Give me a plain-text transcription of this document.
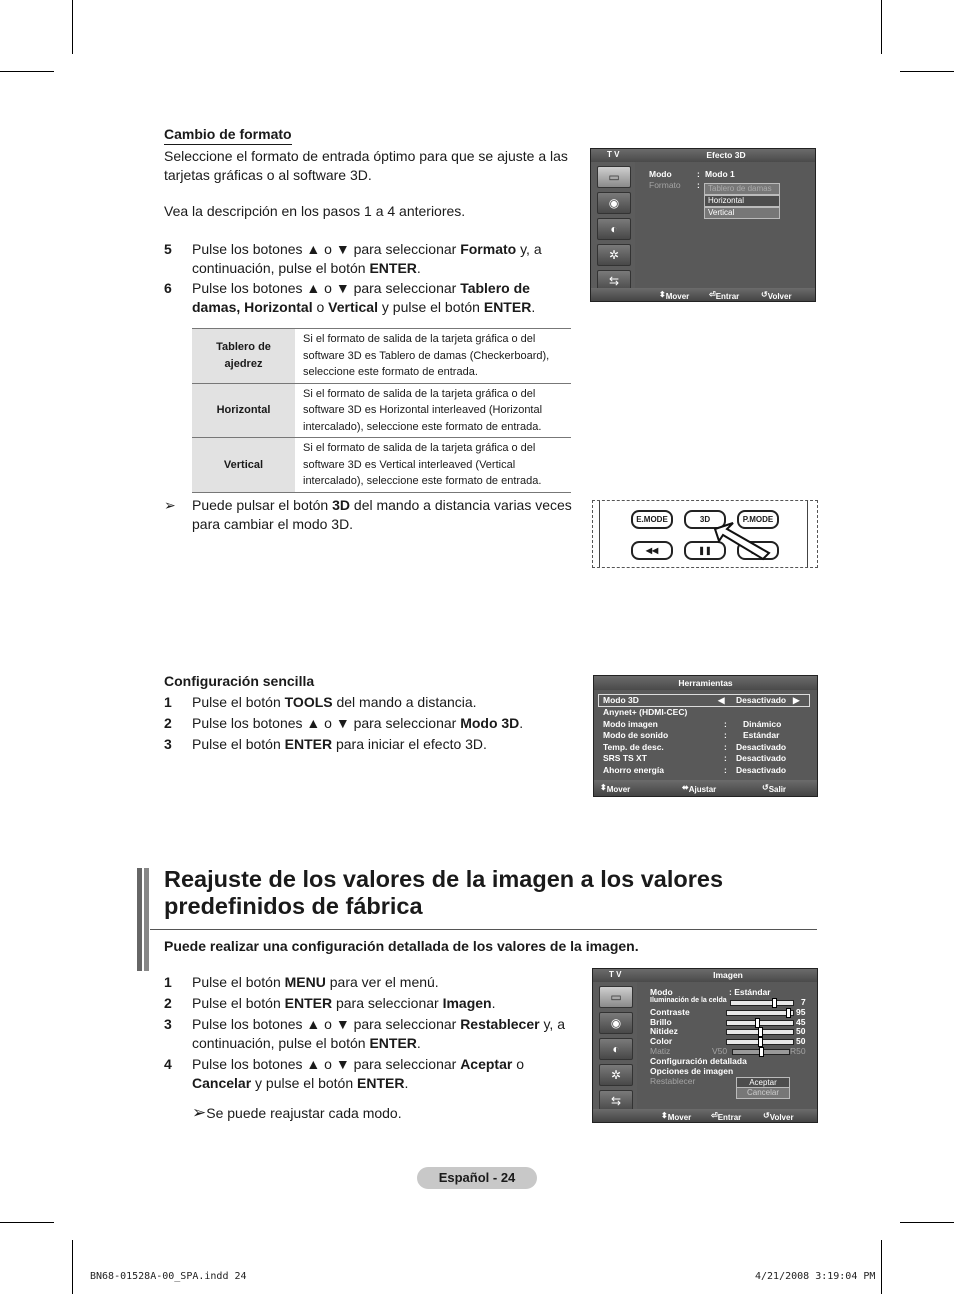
Cambio de formato
Seleccione el formato de entrada óptimo para que se ajuste a las tarjetas gráficas o al software 3D.
Vea la descripción en los pasos 1 a 4 anteriores.
5 Pulse los botones ▲ o ▼ para seleccionar Formato y, a continuación, pulse el botón ENTER.
6 Pulse los botones ▲ o ▼ para seleccionar Tablero de damas, Horizontal o Vertical y pulse el botón ENTER.
Tablero de ajedrez	Si el formato de salida de la tarjeta gráfica o del software 3D es Tablero de damas (Checkerboard), seleccione este formato de entrada.
Horizontal	Si el formato de salida de la tarjeta gráfica o del software 3D es Horizontal interleaved (Horizontal intercalado), seleccione este formato de entrada.
Vertical	Si el formato de salida de la tarjeta gráfica o del software 3D es Vertical interleaved (Vertical intercalado), seleccione este formato de entrada.
➢ Puede pulsar el botón 3D del mando a distancia varias veces para cambiar el modo 3D.
T V	Efecto 3D
▭
◉
◐
✲
⇆
Modo	: Modo 1
Formato :	Tablero de damas
Horizontal
Vertical
⬍ Mover ⏎ Entrar	↺ Volver
E.MODE	3D	P.MODE
◀◀	❚❚
Configuración sencilla
1 Pulse el botón TOOLS del mando a distancia.
2 Pulse los botones ▲ o ▼ para seleccionar Modo 3D.
3 Pulse el botón ENTER para iniciar el efecto 3D.
Herramientas
Modo 3D	◀ Desactivado ▶
Anynet+ (HDMI-CEC)
Modo imagen	: Dinámico
Modo de sonido	: Estándar
Temp. de desc.	: Desactivado
SRS TS XT	: Desactivado
Ahorro energía	: Desactivado
⬍ Mover	⬌ Ajustar	↺ Salir
Reajuste de los valores de la imagen a los valores
predefinidos de fábrica
Puede realizar una configuración detallada de los valores de la imagen.
1 Pulse el botón MENU para ver el menú.
2 Pulse el botón ENTER para seleccionar Imagen.
3 Pulse los botones ▲ o ▼ para seleccionar Restablecer y, a continuación, pulse el botón ENTER.
4 Pulse los botones ▲ o ▼ para seleccionar Aceptar o Cancelar y pulse el botón ENTER.
➢Se puede reajustar cada modo.
T V	Imagen
▭
◉
◐
✲
⇆
Modo	: Estándar
Iluminación de la celda	7
Contraste	95
Brillo	45
Nitidez	50
Color	50
Matiz	V50	R50
Configuración detallada
Opciones de imagen
Restablecer	Aceptar
Cancelar
⬍ Mover ⏎ Entrar	↺ Volver
Español - 24
BN68-01528A-00_SPA.indd 24	4/21/2008 3:19:04 PM
